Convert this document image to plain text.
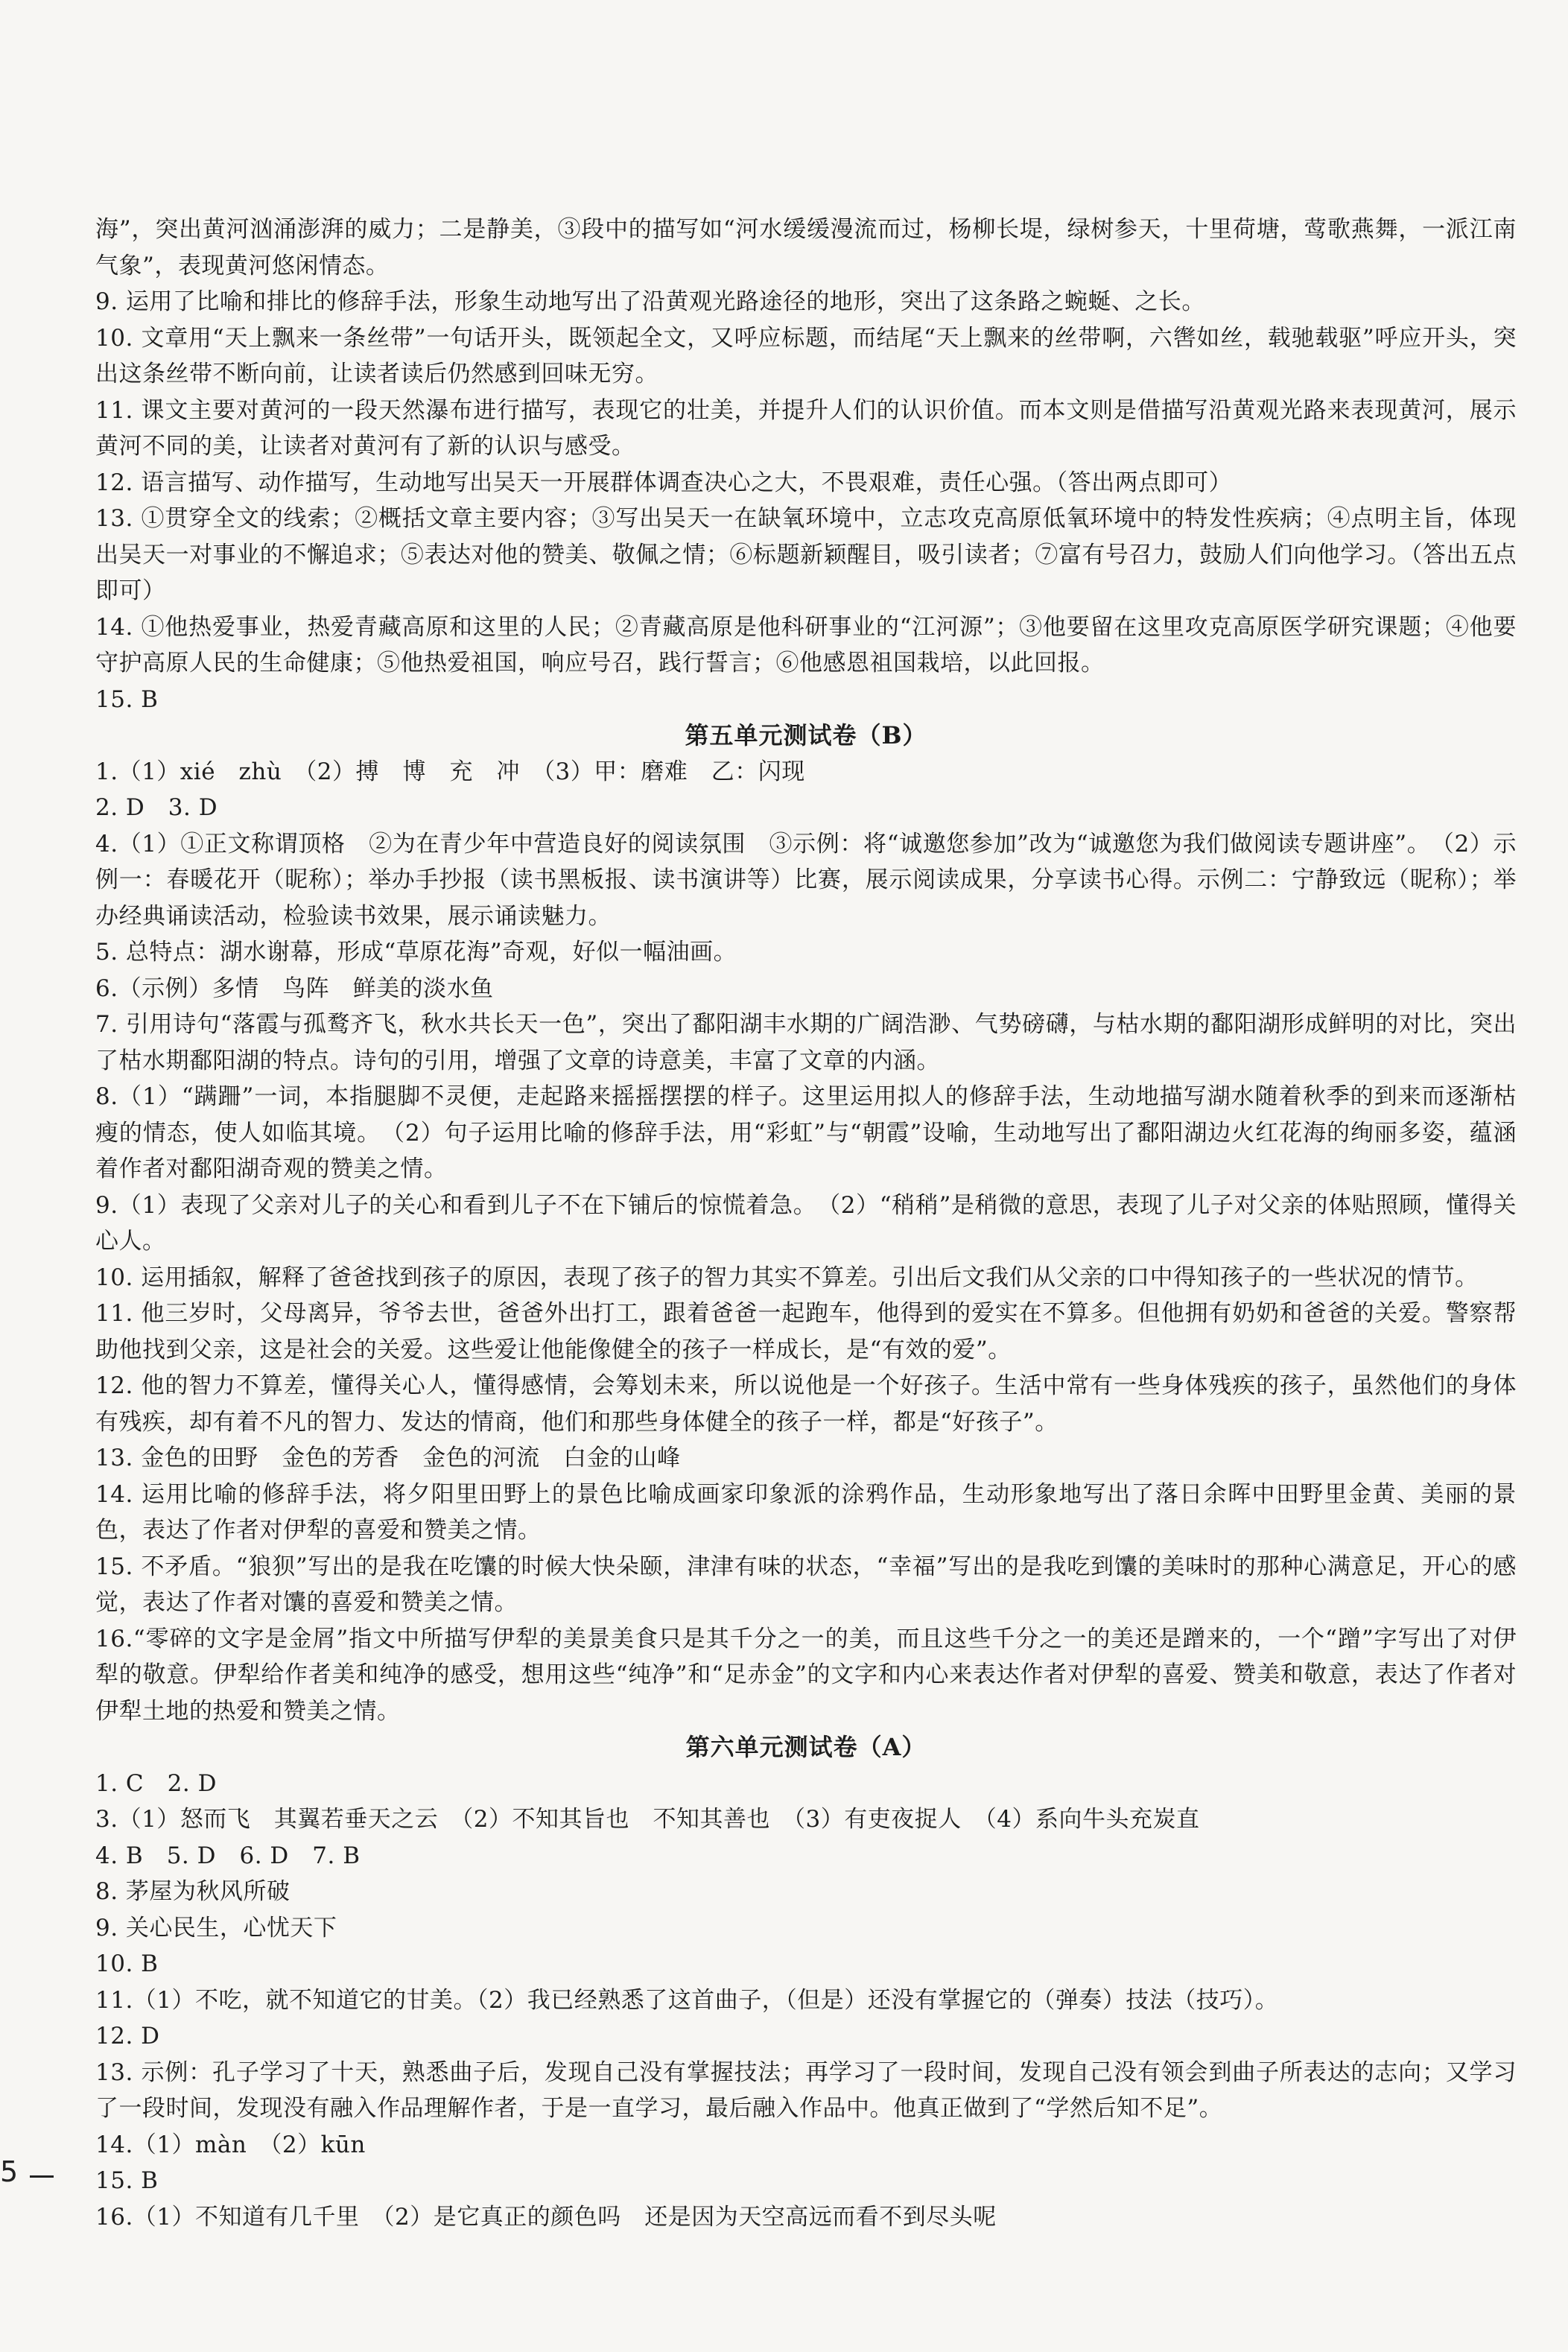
海”，突出黄河汹涌澎湃的威力；二是静美，③段中的描写如“河水缓缓漫流而过，杨柳长堤，绿树参天，十里荷塘，莺歌燕舞，一派江南气象”，表现黄河悠闲情态。
9. 运用了比喻和排比的修辞手法，形象生动地写出了沿黄观光路途径的地形，突出了这条路之蜿蜒、之长。
10. 文章用“天上飘来一条丝带”一句话开头，既领起全文，又呼应标题，而结尾“天上飘来的丝带啊，六辔如丝，载驰载驱”呼应开头，突出这条丝带不断向前，让读者读后仍然感到回味无穷。
11. 课文主要对黄河的一段天然瀑布进行描写，表现它的壮美，并提升人们的认识价值。而本文则是借描写沿黄观光路来表现黄河，展示黄河不同的美，让读者对黄河有了新的认识与感受。
12. 语言描写、动作描写，生动地写出吴天一开展群体调查决心之大，不畏艰难，责任心强。（答出两点即可）
13. ①贯穿全文的线索；②概括文章主要内容；③写出吴天一在缺氧环境中，立志攻克高原低氧环境中的特发性疾病；④点明主旨，体现出吴天一对事业的不懈追求；⑤表达对他的赞美、敬佩之情；⑥标题新颖醒目，吸引读者；⑦富有号召力，鼓励人们向他学习。（答出五点即可）
14. ①他热爱事业，热爱青藏高原和这里的人民；②青藏高原是他科研事业的“江河源”；③他要留在这里攻克高原医学研究课题；④他要守护高原人民的生命健康；⑤他热爱祖国，响应号召，践行誓言；⑥他感恩祖国栽培，以此回报。
15. B
第五单元测试卷（B）
1.（1）xié　zhù　（2）搏　博　充　冲　（3）甲：磨难　乙：闪现
2. D　3. D
4.（1）①正文称谓顶格　②为在青少年中营造良好的阅读氛围　③示例：将“诚邀您参加”改为“诚邀您为我们做阅读专题讲座”。　（2）示例一：春暖花开（昵称）；举办手抄报（读书黑板报、读书演讲等）比赛，展示阅读成果，分享读书心得。示例二：宁静致远（昵称）；举办经典诵读活动，检验读书效果，展示诵读魅力。
5. 总特点：湖水谢幕，形成“草原花海”奇观，好似一幅油画。
6.（示例）多情　鸟阵　鲜美的淡水鱼
7. 引用诗句“落霞与孤鹜齐飞，秋水共长天一色”，突出了鄱阳湖丰水期的广阔浩渺、气势磅礴，与枯水期的鄱阳湖形成鲜明的对比，突出了枯水期鄱阳湖的特点。诗句的引用，增强了文章的诗意美，丰富了文章的内涵。
8.（1）“蹒跚”一词，本指腿脚不灵便，走起路来摇摇摆摆的样子。这里运用拟人的修辞手法，生动地描写湖水随着秋季的到来而逐渐枯瘦的情态，使人如临其境。　（2）句子运用比喻的修辞手法，用“彩虹”与“朝霞”设喻，生动地写出了鄱阳湖边火红花海的绚丽多姿，蕴涵着作者对鄱阳湖奇观的赞美之情。
9.（1）表现了父亲对儿子的关心和看到儿子不在下铺后的惊慌着急。　（2）“稍稍”是稍微的意思，表现了儿子对父亲的体贴照顾，懂得关心人。
10. 运用插叙，解释了爸爸找到孩子的原因，表现了孩子的智力其实不算差。引出后文我们从父亲的口中得知孩子的一些状况的情节。
11. 他三岁时，父母离异，爷爷去世，爸爸外出打工，跟着爸爸一起跑车，他得到的爱实在不算多。但他拥有奶奶和爸爸的关爱。警察帮助他找到父亲，这是社会的关爱。这些爱让他能像健全的孩子一样成长，是“有效的爱”。
12. 他的智力不算差，懂得关心人，懂得感情，会筹划未来，所以说他是一个好孩子。生活中常有一些身体残疾的孩子，虽然他们的身体有残疾，却有着不凡的智力、发达的情商，他们和那些身体健全的孩子一样，都是“好孩子”。
13. 金色的田野　金色的芳香　金色的河流　白金的山峰
14. 运用比喻的修辞手法，将夕阳里田野上的景色比喻成画家印象派的涂鸦作品，生动形象地写出了落日余晖中田野里金黄、美丽的景色，表达了作者对伊犁的喜爱和赞美之情。
15. 不矛盾。“狼狈”写出的是我在吃馕的时候大快朵颐，津津有味的状态，“幸福”写出的是我吃到馕的美味时的那种心满意足，开心的感觉，表达了作者对馕的喜爱和赞美之情。
16.“零碎的文字是金屑”指文中所描写伊犁的美景美食只是其千分之一的美，而且这些千分之一的美还是蹭来的，一个“蹭”字写出了对伊犁的敬意。伊犁给作者美和纯净的感受，想用这些“纯净”和“足赤金”的文字和内心来表达作者对伊犁的喜爱、赞美和敬意，表达了作者对伊犁土地的热爱和赞美之情。
第六单元测试卷（A）
1. C　2. D
3.（1）怒而飞　其翼若垂天之云　（2）不知其旨也　不知其善也　（3）有吏夜捉人　（4）系向牛头充炭直
4. B　5. D　6. D　7. B
8. 茅屋为秋风所破
9. 关心民生，心忧天下
10. B
11.（1）不吃，就不知道它的甘美。（2）我已经熟悉了这首曲子，（但是）还没有掌握它的（弹奏）技法（技巧）。
12. D
13. 示例：孔子学习了十天，熟悉曲子后，发现自己没有掌握技法；再学习了一段时间，发现自己没有领会到曲子所表达的志向；又学习了一段时间，发现没有融入作品理解作者，于是一直学习，最后融入作品中。他真正做到了“学然后知不足”。
14.（1）màn　（2）kūn
15. B
16.（1）不知道有几千里　（2）是它真正的颜色吗　还是因为天空高远而看不到尽头呢
5
